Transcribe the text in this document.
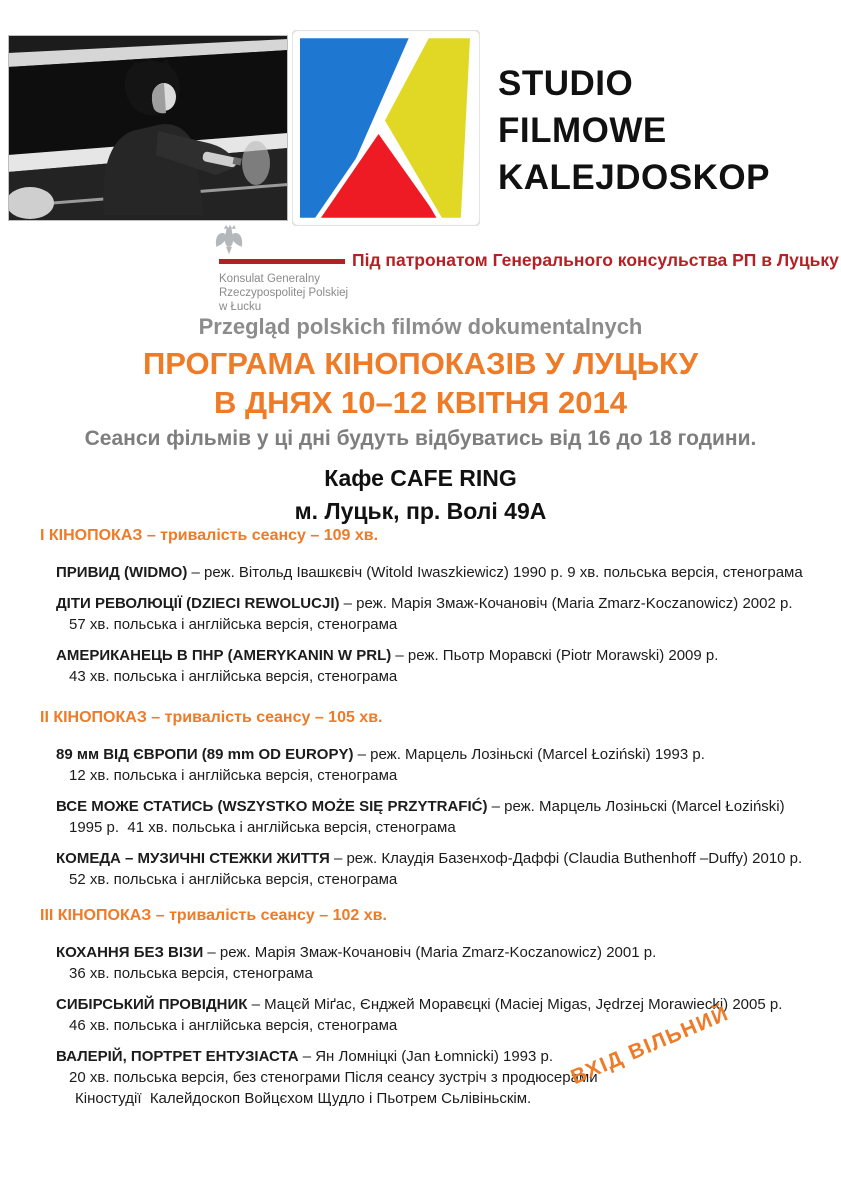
STUDIO
FILMOWE
KALEJDOSKOP
Під патронатом Генерального консульства РП в Луцьку
Konsulat Generalny
Rzeczypospolitej Polskiej
w Łucku
Przegląd polskich filmów dokumentalnych
ПРОГРАМА КІНОПОКАЗІВ У ЛУЦЬКУ
В ДНЯХ 10–12 КВІТНЯ 2014
Сеанси фільмів у ці дні будуть відбуватись від 16 до 18 години.
Кафе CAFE RING
м. Луцьк, пр. Волі 49А
І КІНОПОКАЗ – тривалість сеансу – 109 хв.
ПРИВИД (WIDMO) – реж. Вітольд Івашкєвіч (Witold Iwaszkiewicz) 1990 р. 9 хв. польська версія, стенограма
ДІТИ РЕВОЛЮЦІЇ (DZIECI REWOLUCJI) – реж. Марія Змаж-Кочановіч (Maria Zmarz-Koczanowicz) 2002 р.
57 хв. польська і англійська версія, стенограма
АМЕРИКАНЕЦЬ В ПНР (AMERYKANIN W PRL) – реж. Пьотр Моравскі (Piotr Morawski) 2009 р.
43 хв. польська і англійська версія, стенограма
ІІ КІНОПОКАЗ – тривалість сеансу – 105 хв.
89 мм ВІД ЄВРОПИ (89 mm OD EUROPY) – реж. Марцель Лозіньскі (Marcel Łoziński) 1993 р.
12 хв. польська і англійська версія, стенограма
ВСЕ МОЖЕ СТАТИСЬ (WSZYSTKO MOŻE SIĘ PRZYTRAFIĆ) – реж. Марцель Лозіньскі (Marcel Łoziński)
1995 р.  41 хв. польська і англійська версія, стенограма
КОМЕДА – МУЗИЧНІ СТЕЖКИ ЖИТТЯ – реж. Клаудія Базенхоф-Даффі (Claudia Buthenhoff –Duffy) 2010 р.
52 хв. польська і англійська версія, стенограма
ІІІ КІНОПОКАЗ – тривалість сеансу – 102 хв.
КОХАННЯ БЕЗ ВІЗИ – реж. Марія Змаж-Кочановіч (Maria Zmarz-Koczanowicz) 2001 р.
36 хв. польська версія, стенограма
СИБІРСЬКИЙ ПРОВІДНИК – Мацєй Міґас, Єнджей Моравєцкі (Maciej Migas, Jędrzej Morawiecki) 2005 р.
46 хв. польська і англійська версія, стенограма
ВАЛЕРІЙ, ПОРТРЕТ ЕНТУЗІАСТА – Ян Ломніцкі (Jan Łomnicki) 1993 р.
20 хв. польська версія, без стенограми Після сеансу зустріч з продюсерами
Кіностудії  Калейдоскоп Войцєхом Щудло і Пьотрем Сьлівіньскім.
ВХІД ВІЛЬНИЙ
